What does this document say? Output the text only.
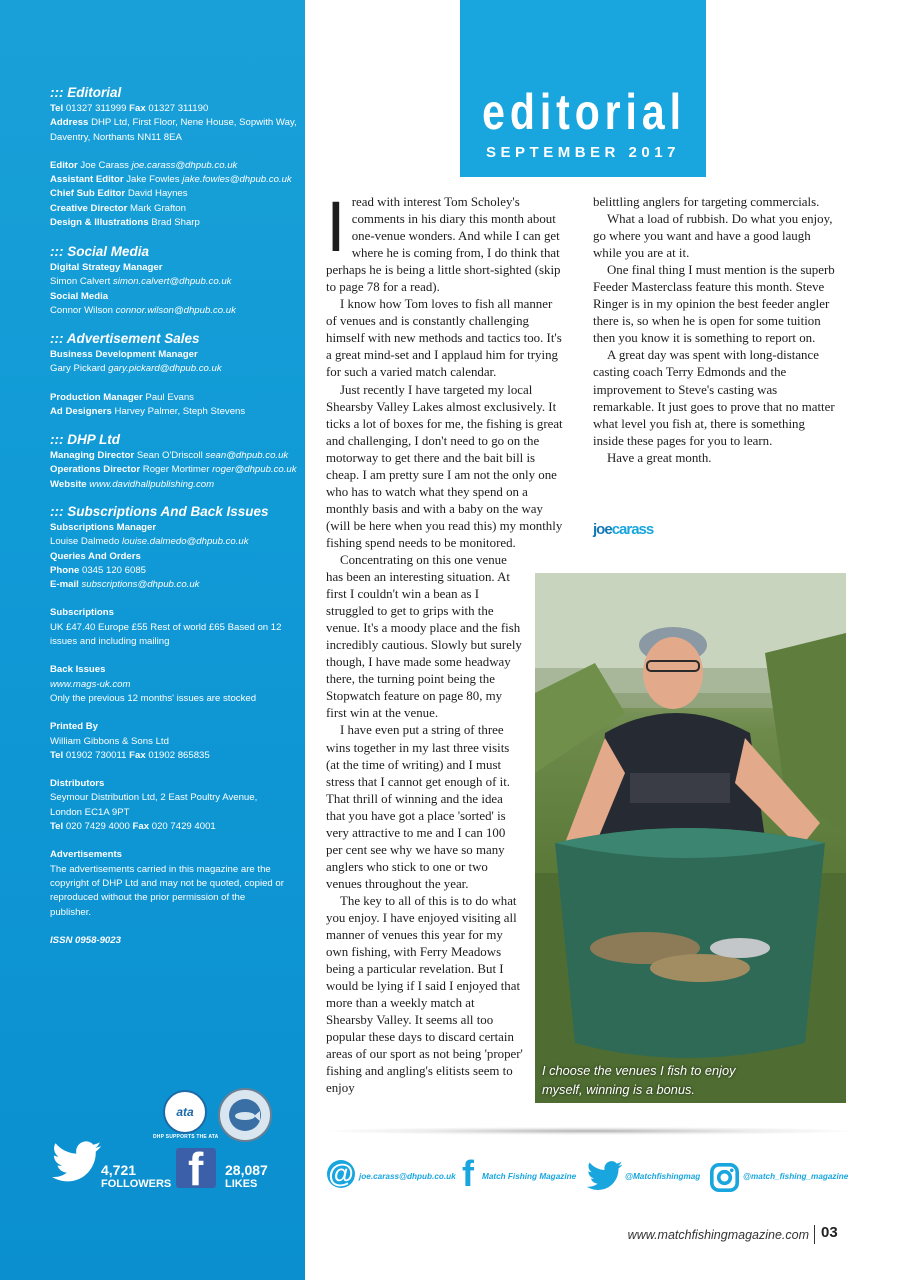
::: Editorial

Tel 01327 311999 Fax 01327 311190

Address DHP Ltd, First Floor, Nene House, Sopwith Way, Daventry, Northants NN11 8EA

Editor Joe Carass joe.carass@dhpub.co.uk

Assistant Editor Jake Fowles jake.fowles@dhpub.co.uk

Chief Sub Editor David Haynes

Creative Director Mark Grafton

Design & Illustrations Brad Sharp

::: Social Media

Digital Strategy Manager

Simon Calvert simon.calvert@dhpub.co.uk

Social Media

Connor Wilson connor.wilson@dhpub.co.uk

::: Advertisement Sales

Business Development Manager

Gary Pickard gary.pickard@dhpub.co.uk

Production Manager Paul Evans

Ad Designers Harvey Palmer, Steph Stevens

::: DHP Ltd

Managing Director Sean O'Driscoll sean@dhpub.co.uk

Operations Director Roger Mortimer roger@dhpub.co.uk

Website www.davidhallpublishing.com

::: Subscriptions And Back Issues

Subscriptions Manager

Louise Dalmedo louise.dalmedo@dhpub.co.uk

Queries And Orders

Phone 0345 120 6085

E-mail subscriptions@dhpub.co.uk

Subscriptions

UK £47.40 Europe £55 Rest of world £65 Based on 12 issues and including mailing

Back Issues

www.mags-uk.com

Only the previous 12 months' issues are stocked

Printed By

William Gibbons & Sons Ltd

Tel 01902 730011 Fax 01902 865835

Distributors

Seymour Distribution Ltd, 2 East Poultry Avenue, London EC1A 9PT

Tel 020 7429 4000 Fax 020 7429 4001

Advertisements

The advertisements carried in this magazine are the copyright of DHP Ltd and may not be quoted, copied or reproduced without the prior permission of the publisher.

ISSN 0958-9023

ata
DHP SUPPORTS THE ATA
4,721
FOLLOWERS f 28,087
LIKES
editorial
SEPTEMBER 2017

Iread with interest Tom Scholey's comments in his diary this month about one-venue wonders. And while I can get where he is coming from, I do think that perhaps he is being a little short-sighted (skip to page 78 for a read).

I know how Tom loves to fish all manner of venues and is constantly challenging himself with new methods and tactics too. It's a great mind-set and I applaud him for trying for such a varied match calendar.

Just recently I have targeted my local Shearsby Valley Lakes almost exclusively. It ticks a lot of boxes for me, the fishing is great and challenging, I don't need to go on the motorway to get there and the bait bill is cheap. I am pretty sure I am not the only one who has to watch what they spend on a monthly basis and with a baby on the way (will be here when you read this) my monthly fishing spend needs to be monitored.

Concentrating on this one venue has been an interesting situation. At first I couldn't win a bean as I struggled to get to grips with the venue. It's a moody place and the fish incredibly cautious. Slowly but surely though, I have made some headway there, the turning point being the Stopwatch feature on page 80, my first win at the venue.

I have even put a string of three wins together in my last three visits (at the time of writing) and I must stress that I cannot get enough of it. That thrill of winning and the idea that you have got a place 'sorted' is very attractive to me and I can 100 per cent see why we have so many anglers who stick to one or two venues throughout the year.

The key to all of this is to do what you enjoy. I have enjoyed visiting all manner of venues this year for my own fishing, with Ferry Meadows being a particular revelation. But I would be lying if I said I enjoyed that more than a weekly match at Shearsby Valley. It seems all too popular these days to discard certain areas of our sport as not being 'proper' fishing and angling's elitists seem to enjoy

belittling anglers for targeting commercials.

What a load of rubbish. Do what you enjoy, go where you want and have a good laugh while you are at it.

One final thing I must mention is the superb Feeder Masterclass feature this month. Steve Ringer is in my opinion the best feeder angler there is, so when he is open for some tuition then you know it is something to report on.

A great day was spent with long-distance casting coach Terry Edmonds and the improvement to Steve's casting was remarkable. It just goes to prove that no matter what level you fish at, there is something inside these pages for you to learn.

Have a great month.

joecarass
I choose the venues I fish to enjoy
myself, winning is a bonus.
@ joe.carass@dhpub.co.uk f Match Fishing Magazine	@Matchfishingmag	@match_fishing_magazine
www.matchfishingmagazine.com 03
